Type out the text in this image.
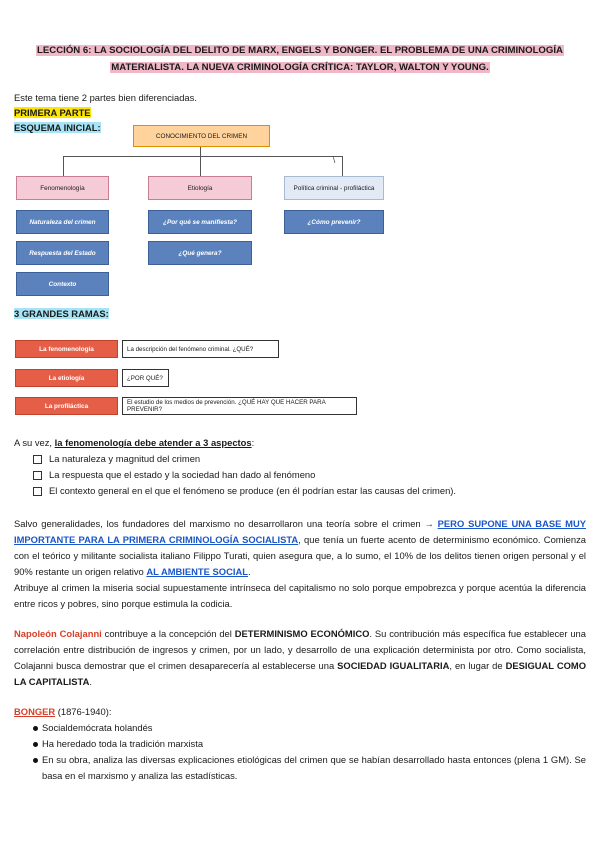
LECCIÓN 6: LA SOCIOLOGÍA DEL DELITO DE MARX, ENGELS Y BONGER. EL PROBLEMA DE UNA CRIMINOLOGÍA
MATERIALISTA. LA NUEVA CRIMINOLOGÍA CRÍTICA: TAYLOR, WALTON Y YOUNG.
Este tema tiene 2 partes bien diferenciadas.
PRIMERA PARTE
ESQUEMA INICIAL:
CONOCIMIENTO DEL CRIMEN
\
Fenomenología
Naturaleza del crimen
Respuesta del Estado
Contexto
Etiología
¿Por qué se manifiesta?
¿Qué genera?
Política criminal - profiláctica
¿Cómo prevenir?
3 GRANDES RAMAS:
La fenomenología	La descripción del fenómeno criminal. ¿QUÉ?
La etiología	¿POR QUÉ?
La profiláctica	El estudio de los medios de prevención. ¿QUÉ HAY QUE HACER PARA PREVENIR?
A su vez, la fenomenología debe atender a 3 aspectos:
La naturaleza y magnitud del crimen
La respuesta que el estado y la sociedad han dado al fenómeno
El contexto general en el que el fenómeno se produce (en él podrían estar las causas del crimen).
Salvo generalidades, los fundadores del marxismo no desarrollaron una teoría sobre el crimen → PERO SUPONE UNA BASE MUY IMPORTANTE PARA LA PRIMERA CRIMINOLOGÍA SOCIALISTA, que tenía un fuerte acento de determinismo económico. Comienza con el teórico y militante socialista italiano Filippo Turati, quien asegura que, a lo sumo, el 10% de los delitos tienen origen personal y el 90% restante un origen relativo AL AMBIENTE SOCIAL.
Atribuye al crimen la miseria social supuestamente intrínseca del capitalismo no solo porque empobrezca y porque acentúa la diferencia entre ricos y pobres, sino porque estimula la codicia.
Napoleón Colajanni contribuye a la concepción del DETERMINISMO ECONÓMICO. Su contribución más específica fue establecer una correlación entre distribución de ingresos y crimen, por un lado, y desarrollo de una explicación determinista por otro. Como socialista, Colajanni busca demostrar que el crimen desaparecería al establecerse una SOCIEDAD IGUALITARIA, en lugar de DESIGUAL COMO LA CAPITALISTA.
BONGER (1876-1940):
Socialdemócrata holandés
Ha heredado toda la tradición marxista
En su obra, analiza las diversas explicaciones etiológicas del crimen que se habían desarrollado hasta entonces (plena 1 GM). Se basa en el marxismo y analiza las estadísticas.
